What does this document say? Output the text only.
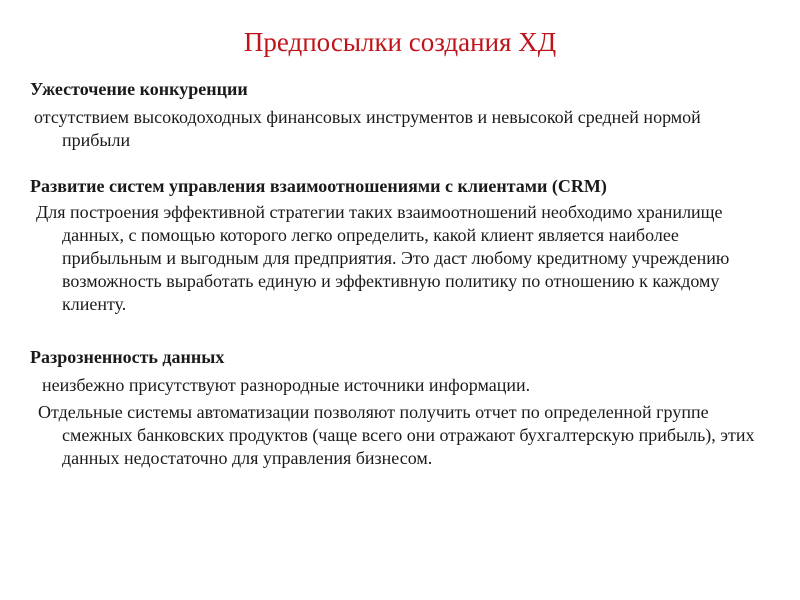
Предпосылки создания ХД

Ужесточение конкуренции

отсутствием высокодоходных финансовых инструментов и невысокой средней нормой прибыли

Развитие систем управления взаимоотношениями с клиентами (CRM)

Для построения эффективной стратегии таких взаимоотношений необходимо хранилище данных, с помощью которого легко определить, какой клиент является наиболее прибыльным и выгодным для предприятия. Это даст любому кредитному учреждению возможность выработать единую и эффективную политику по отношению к каждому клиенту.

Разрозненность данных

неизбежно присутствуют разнородные источники информации.

Отдельные системы автоматизации позволяют получить отчет по определенной группе смежных банковских продуктов (чаще всего они отражают бухгалтерскую прибыль), этих данных недостаточно для управления бизнесом.
